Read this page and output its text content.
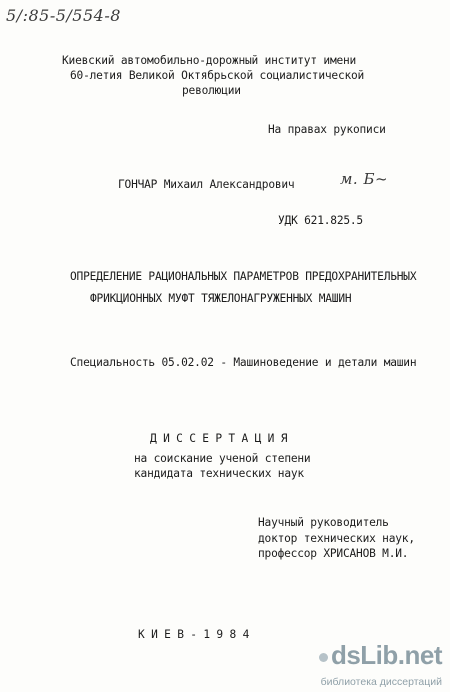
5/:85-5/554-8
Киевский автомобильно-дорожный институт имени
60-летия Великой Октябрьской социалистической
революции
На правах рукописи
ГОНЧАР Михаил Александрович	м. Б~
УДК 621.825.5
ОПРЕДЕЛЕНИЕ РАЦИОНАЛЬНЫХ ПАРАМЕТРОВ ПРЕДОХРАНИТЕЛЬНЫХ
ФРИКЦИОННЫХ МУФТ ТЯЖЕЛОНАГРУЖЕННЫХ МАШИН
Специальность 05.02.02 - Машиноведение и детали машин
Д И С С Е Р Т А Ц И Я
на соискание ученой степени
кандидата технических наук
Научный руководитель
доктор технических наук,
профессор ХРИСАНОВ М.И.
К И Е В - 1 9 8 4
dsLib.net
библиотека диссертаций
